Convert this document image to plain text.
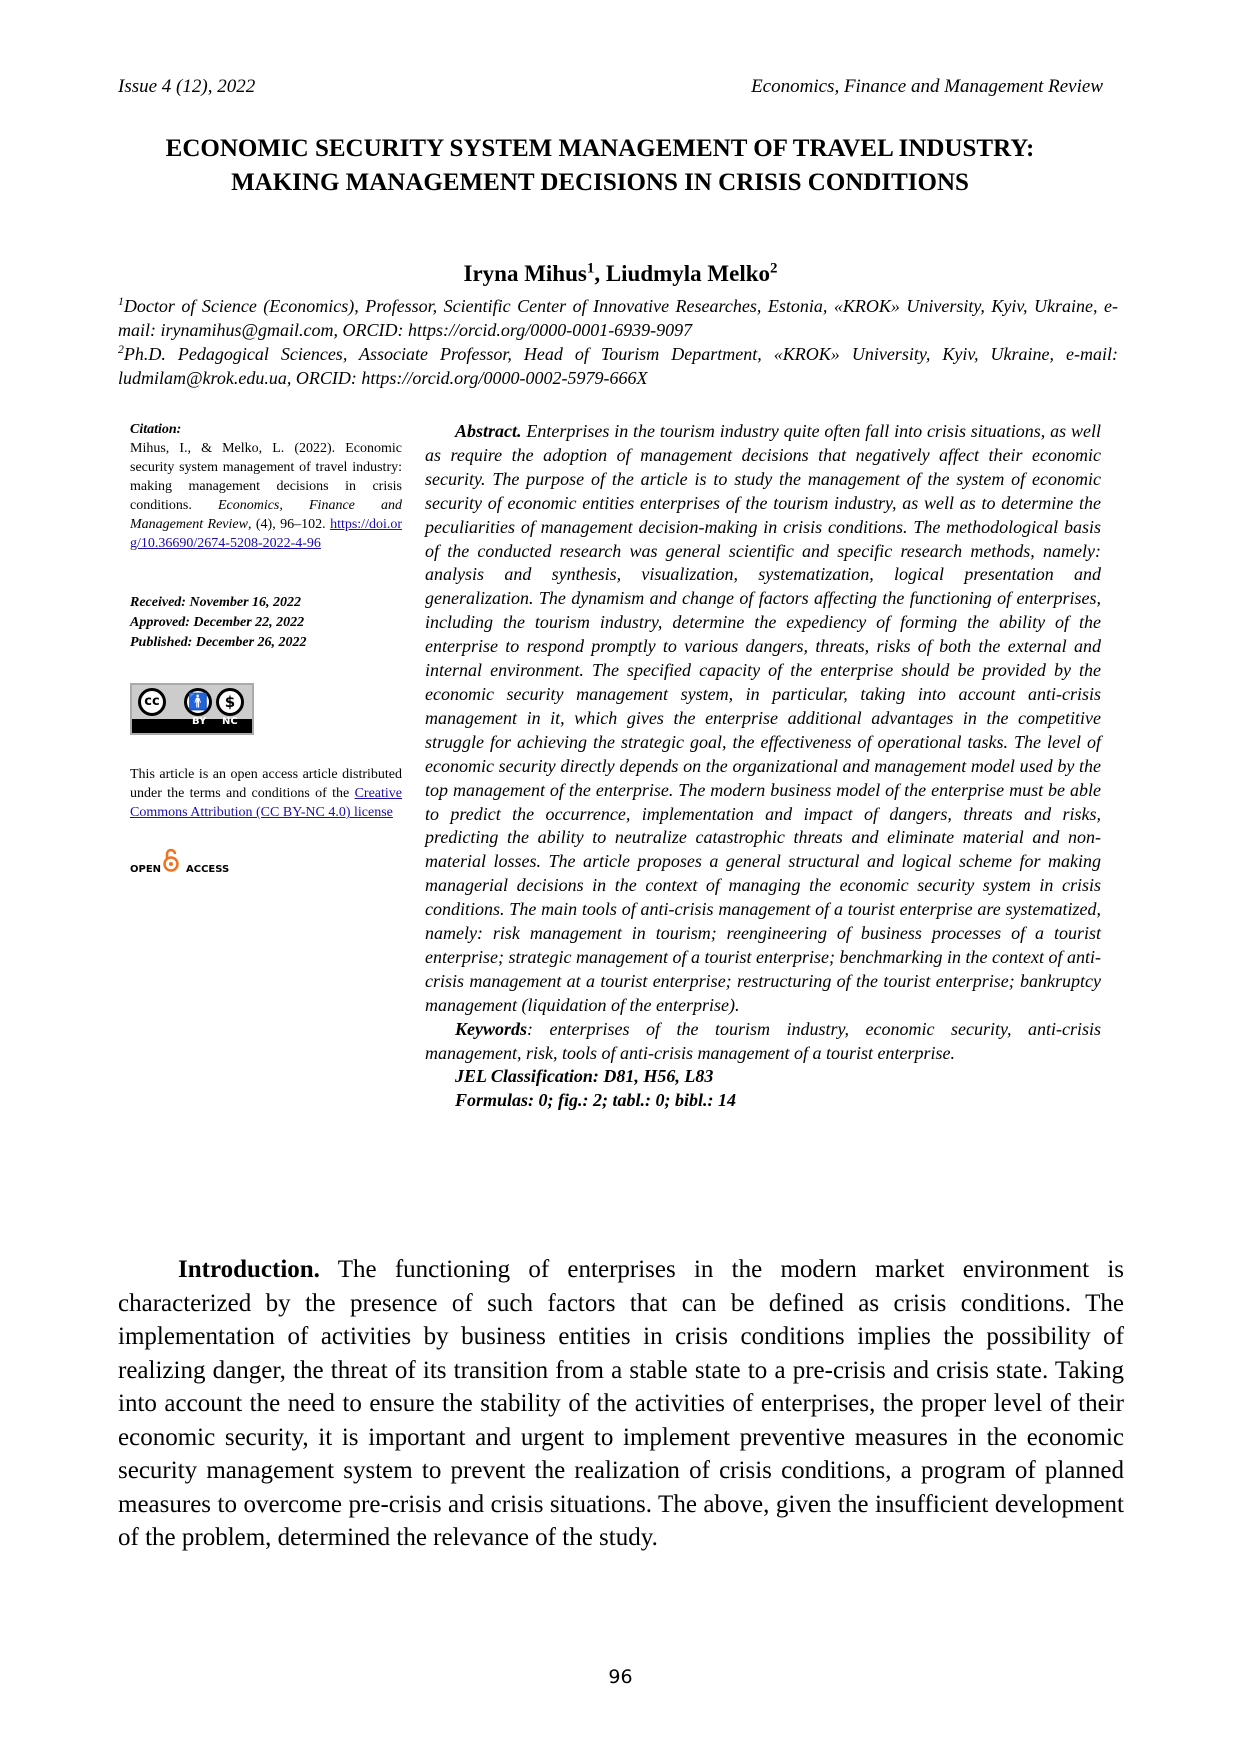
Issue 4 (12), 2022	Economics, Finance and Management Review
ECONOMIC SECURITY SYSTEM MANAGEMENT OF TRAVEL INDUSTRY: MAKING MANAGEMENT DECISIONS IN CRISIS CONDITIONS
Iryna Mihus$^1$, Liudmyla Melko$^2$

$^1$Doctor of Science (Economics), Professor, Scientific Center of Innovative Researches, Estonia, «KROK» University, Kyiv, Ukraine, e-mail: irynamihus@gmail.com, ORCID: https://orcid.org/0000-0001-6939-9097

$^2$Ph.D. Pedagogical Sciences, Associate Professor, Head of Tourism Department, «KROK» University, Kyiv, Ukraine, e-mail: ludmilam@krok.edu.ua, ORCID: https://orcid.org/0000-0002-5979-666X

Citation:
Mihus, I., & Melko, L. (2022). Economic security system management of travel industry: making management decisions in crisis conditions. Economics, Finance and Management Review, (4), 96–102. https://doi.org/10.36690/2674-5208-2022-4-96
Received: November 16, 2022
Approved: December 22, 2022
Published: December 26, 2022
cc	🚹	$
BY NC
This article is an open access article distributed under the terms and conditions of the Creative Commons Attribution (CC BY-NC 4.0) license
OPEN ACCESS

Abstract. Enterprises in the tourism industry quite often fall into crisis situations, as well as require the adoption of management decisions that negatively affect their economic security. The purpose of the article is to study the management of the system of economic security of economic entities enterprises of the tourism industry, as well as to determine the peculiarities of management decision-making in crisis conditions. The methodological basis of the conducted research was general scientific and specific research methods, namely: analysis and synthesis, visualization, systematization, logical presentation and generalization. The dynamism and change of factors affecting the functioning of enterprises, including the tourism industry, determine the expediency of forming the ability of the enterprise to respond promptly to various dangers, threats, risks of both the external and internal environment. The specified capacity of the enterprise should be provided by the economic security management system, in particular, taking into account anti-crisis management in it, which gives the enterprise additional advantages in the competitive struggle for achieving the strategic goal, the effectiveness of operational tasks. The level of economic security directly depends on the organizational and management model used by the top management of the enterprise. The modern business model of the enterprise must be able to predict the occurrence, implementation and impact of dangers, threats and risks, predicting the ability to neutralize catastrophic threats and eliminate material and non-material losses. The article proposes a general structural and logical scheme for making managerial decisions in the context of managing the economic security system in crisis conditions. The main tools of anti-crisis management of a tourist enterprise are systematized, namely: risk management in tourism; reengineering of business processes of a tourist enterprise; strategic management of a tourist enterprise; benchmarking in the context of anti-crisis management at a tourist enterprise; restructuring of the tourist enterprise; bankruptcy management (liquidation of the enterprise).

Keywords: enterprises of the tourism industry, economic security, anti-crisis management, risk, tools of anti-crisis management of a tourist enterprise.

JEL Classification: D81, H56, L83

Formulas: 0; fig.: 2; tabl.: 0; bibl.: 14

Introduction. The functioning of enterprises in the modern market environment is characterized by the presence of such factors that can be defined as crisis conditions. The implementation of activities by business entities in crisis conditions implies the possibility of realizing danger, the threat of its transition from a stable state to a pre-crisis and crisis state. Taking into account the need to ensure the stability of the activities of enterprises, the proper level of their economic security, it is important and urgent to implement preventive measures in the economic security management system to prevent the realization of crisis conditions, a program of planned measures to overcome pre-crisis and crisis situations. The above, given the insufficient development of the problem, determined the relevance of the study.

96
